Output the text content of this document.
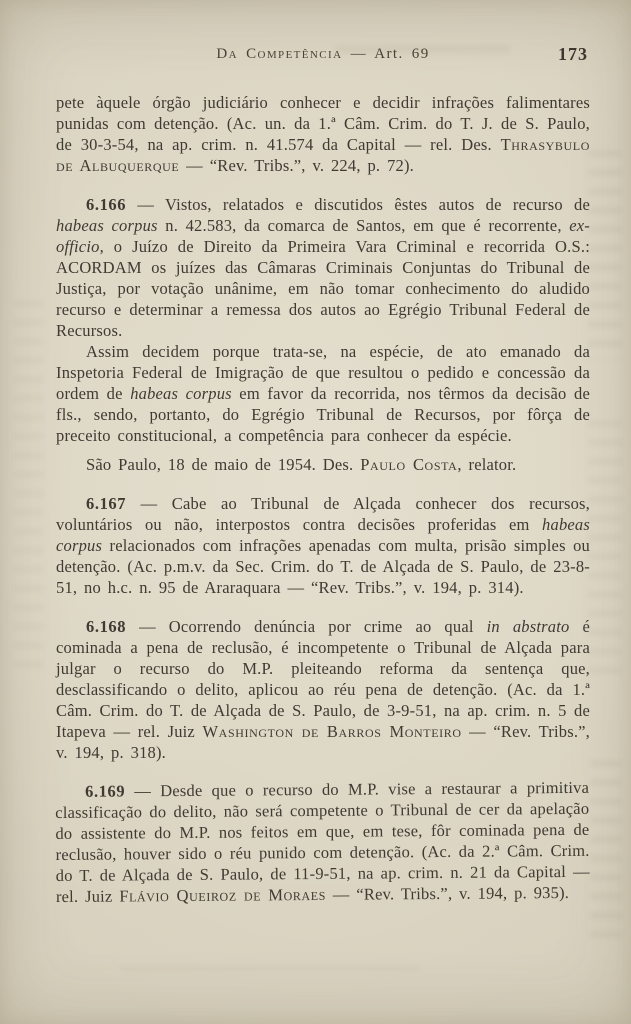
Da Competência — Art. 69	173

pete àquele órgão judiciário conhecer e decidir infrações falimentares punidas com detenção. (Ac. un. da 1.ª Câm. Crim. do T. J. de S. Paulo, de 30-3-54, na ap. crim. n. 41.574 da Capital — rel. Des. Thrasybulo de Albuquerque — “Rev. Tribs.”, v. 224, p. 72).

6.166 — Vistos, relatados e discutidos êstes autos de recurso de habeas corpus n. 42.583, da comarca de Santos, em que é recorrente, ex-officio, o Juízo de Direito da Primeira Vara Criminal e recorrida O.S.: ACORDAM os juízes das Câmaras Criminais Conjuntas do Tribunal de Justiça, por votação unânime, em não tomar conhecimento do aludido recurso e determinar a remessa dos autos ao Egrégio Tribunal Federal de Recursos.

Assim decidem porque trata-se, na espécie, de ato emanado da Inspetoria Federal de Imigração de que resultou o pedido e concessão da ordem de habeas corpus em favor da recorrida, nos têrmos da decisão de fls., sendo, portanto, do Egrégio Tribunal de Recursos, por fôrça de preceito constitucional, a competência para conhecer da espécie.

São Paulo, 18 de maio de 1954. Des. Paulo Costa, relator.

6.167 — Cabe ao Tribunal de Alçada conhecer dos recursos, voluntários ou não, interpostos contra decisões proferidas em habeas corpus relacionados com infrações apenadas com multa, prisão simples ou detenção. (Ac. p.m.v. da Sec. Crim. do T. de Alçada de S. Paulo, de 23-8-51, no h.c. n. 95 de Araraquara — “Rev. Tribs.”, v. 194, p. 314).

6.168 — Ocorrendo denúncia por crime ao qual in abstrato é cominada a pena de reclusão, é incompetente o Tribunal de Alçada para julgar o recurso do M.P. pleiteando reforma da sentença que, desclassificando o delito, aplicou ao réu pena de detenção. (Ac. da 1.ª Câm. Crim. do T. de Alçada de S. Paulo, de 3-9-51, na ap. crim. n. 5 de Itapeva — rel. Juiz Washington de Barros Monteiro — “Rev. Tribs.”, v. 194, p. 318).

6.169 — Desde que o recurso do M.P. vise a restaurar a primitiva classificação do delito, não será competente o Tribunal de cer da apelação do assistente do M.P. nos feitos em que, em tese, fôr cominada pena de reclusão, houver sido o réu punido com detenção. (Ac. da 2.ª Câm. Crim. do T. de Alçada de S. Paulo, de 11-9-51, na ap. crim. n. 21 da Capital — rel. Juiz Flávio Queiroz de Moraes — “Rev. Tribs.”, v. 194, p. 935).
